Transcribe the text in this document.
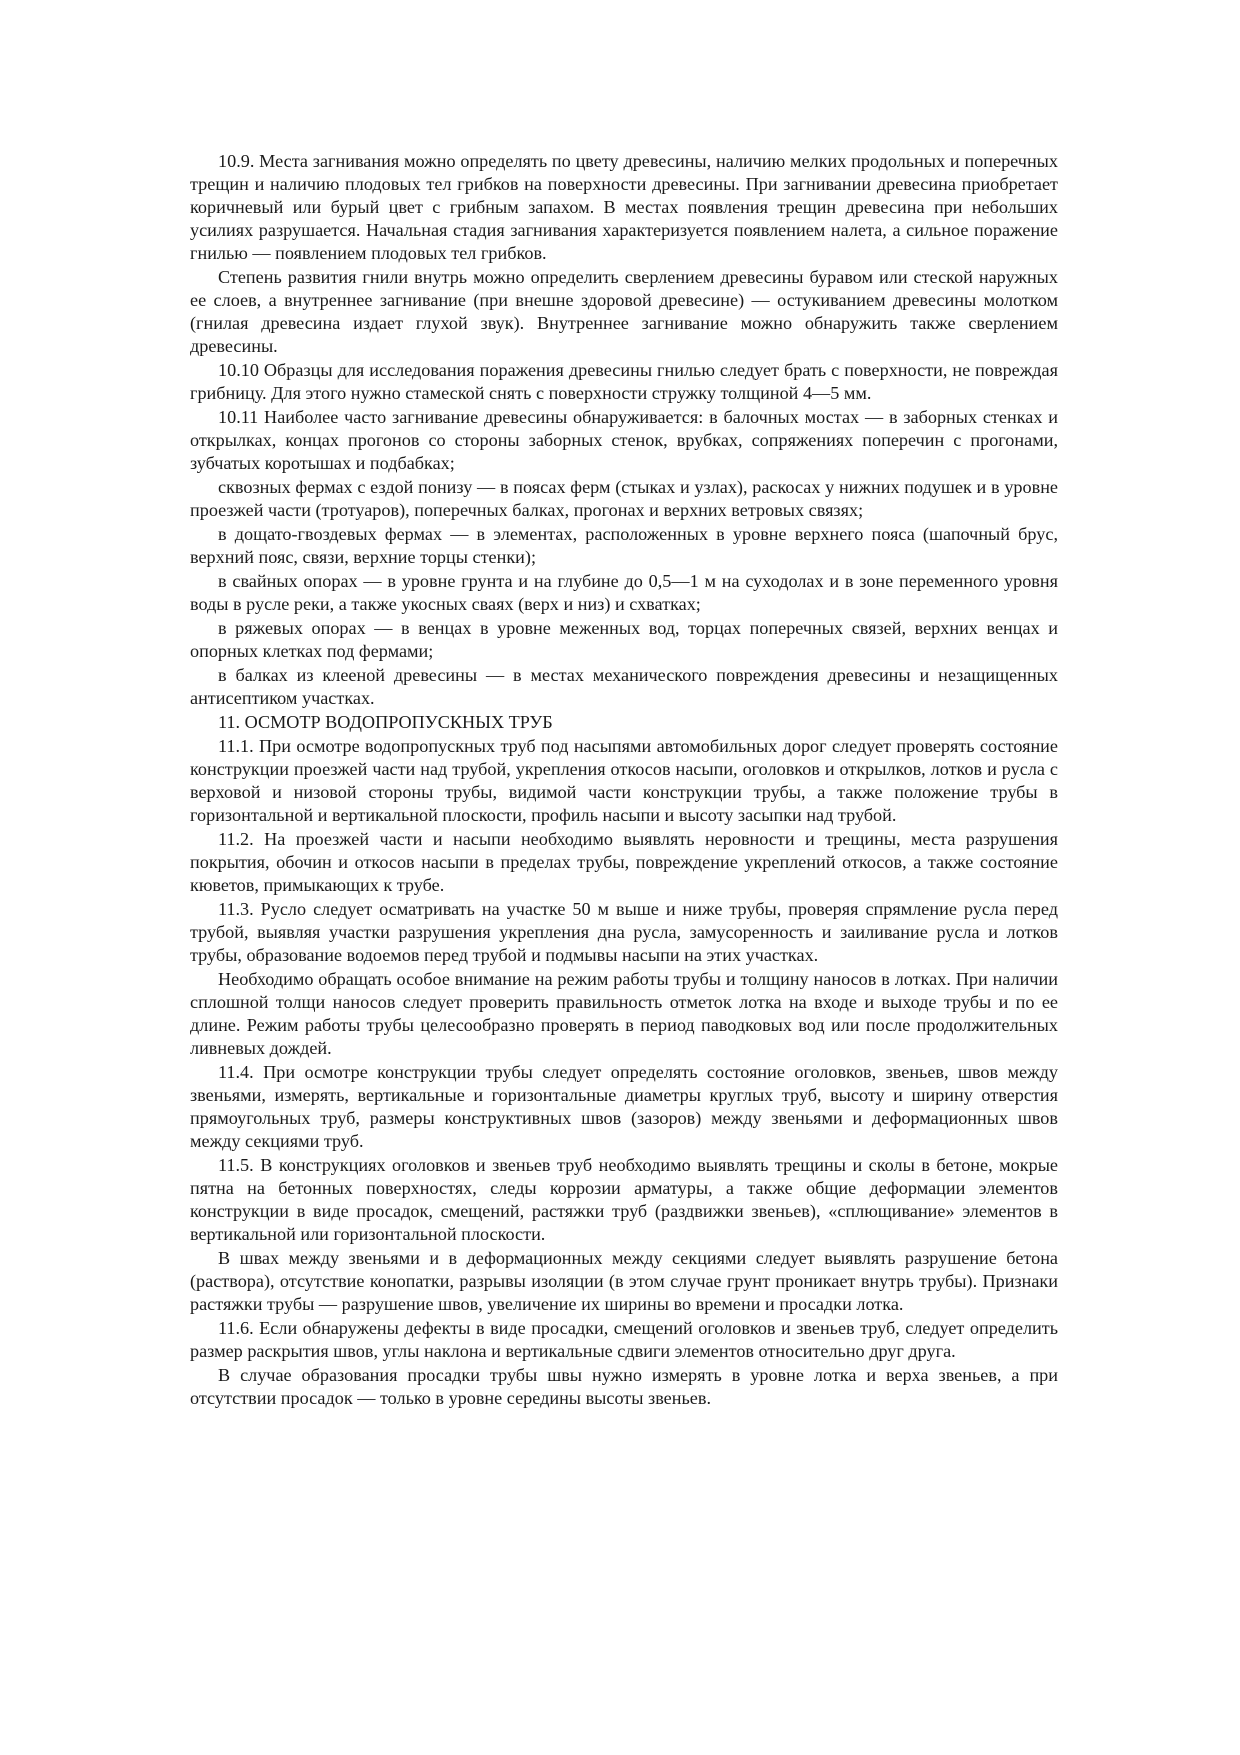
10.9. Места загнивания можно определять по цвету древесины, наличию мелких продольных и поперечных трещин и наличию плодовых тел грибков на поверхности древесины. При загнивании древесина приобретает коричневый или бурый цвет с грибным запахом. В местах появления трещин древесина при небольших усилиях разрушается. Начальная стадия загнивания характеризуется появлением налета, а сильное поражение гнилью — появлением плодовых тел грибков.

Степень развития гнили внутрь можно определить сверлением древесины буравом или стеской наружных ее слоев, а внутреннее загнивание (при внешне здоровой древесине) — остукиванием древесины молотком (гнилая древесина издает глухой звук). Внутреннее загнивание можно обнаружить также сверлением древесины.

10.10 Образцы для исследования поражения древесины гнилью следует брать с поверхности, не повреждая грибницу. Для этого нужно стамеской снять с поверхности стружку толщиной 4—5 мм.

10.11 Наиболее часто загнивание древесины обнаруживается: в балочных мостах — в заборных стенках и открылках, концах прогонов со стороны заборных стенок, врубках, сопряжениях поперечин с прогонами, зубчатых коротышах и подбабках;

сквозных фермах с ездой понизу — в поясах ферм (стыках и узлах), раскосах у нижних подушек и в уровне проезжей части (тротуаров), поперечных балках, прогонах и верхних ветровых связях;

в дощато-гвоздевых фермах — в элементах, расположенных в уровне верхнего пояса (шапочный брус, верхний пояс, связи, верхние торцы стенки);

в свайных опорах — в уровне грунта и на глубине до 0,5—1 м на суходолах и в зоне переменного уровня воды в русле реки, а также укосных сваях (верх и низ) и схватках;

в ряжевых опорах — в венцах в уровне меженных вод, торцах поперечных связей, верхних венцах и опорных клетках под фермами;

в балках из клееной древесины — в местах механического повреждения древесины и незащищенных антисептиком участках.

11. ОСМОТР ВОДОПРОПУСКНЫХ ТРУБ

11.1. При осмотре водопропускных труб под насыпями автомобильных дорог следует проверять состояние конструкции проезжей части над трубой, укрепления откосов насыпи, оголовков и открылков, лотков и русла с верховой и низовой стороны трубы, видимой части конструкции трубы, а также положение трубы в горизонтальной и вертикальной плоскости, профиль насыпи и высоту засыпки над трубой.

11.2. На проезжей части и насыпи необходимо выявлять неровности и трещины, места разрушения покрытия, обочин и откосов насыпи в пределах трубы, повреждение укреплений откосов, а также состояние кюветов, примыкающих к трубе.

11.3. Русло следует осматривать на участке 50 м выше и ниже трубы, проверяя спрямление русла перед трубой, выявляя участки разрушения укрепления дна русла, замусоренность и заиливание русла и лотков трубы, образование водоемов перед трубой и подмывы насыпи на этих участках.

Необходимо обращать особое внимание на режим работы трубы и толщину наносов в лотках. При наличии сплошной толщи наносов следует проверить правильность отметок лотка на входе и выходе трубы и по ее длине. Режим работы трубы целесообразно проверять в период паводковых вод или после продолжительных ливневых дождей.

11.4. При осмотре конструкции трубы следует определять состояние оголовков, звеньев, швов между звеньями, измерять, вертикальные и горизонтальные диаметры круглых труб, высоту и ширину отверстия прямоугольных труб, размеры конструктивных швов (зазоров) между звеньями и деформационных швов между секциями труб.

11.5. В конструкциях оголовков и звеньев труб необходимо выявлять трещины и сколы в бетоне, мокрые пятна на бетонных поверхностях, следы коррозии арматуры, а также общие деформации элементов конструкции в виде просадок, смещений, растяжки труб (раздвижки звеньев), «сплющивание» элементов в вертикальной или горизонтальной плоскости.

В швах между звеньями и в деформационных между секциями следует выявлять разрушение бетона (раствора), отсутствие конопатки, разрывы изоляции (в этом случае грунт проникает внутрь трубы). Признаки растяжки трубы — разрушение швов, увеличение их ширины во времени и просадки лотка.

11.6. Если обнаружены дефекты в виде просадки, смещений оголовков и звеньев труб, следует определить размер раскрытия швов, углы наклона и вертикальные сдвиги элементов относительно друг друга.

В случае образования просадки трубы швы нужно измерять в уровне лотка и верха звеньев, а при отсутствии просадок — только в уровне середины высоты звеньев.
